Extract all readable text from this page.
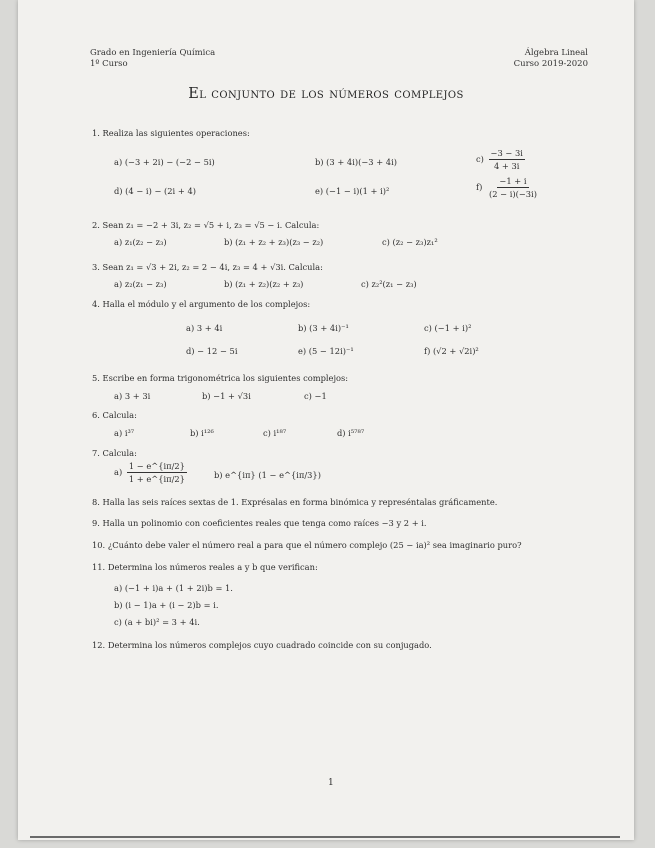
Grado en Ingeniería Química
1º Curso
Álgebra Lineal
Curso 2019-2020
El conjunto de los números complejos
1. Realiza las siguientes operaciones:
a) (−3 + 2i) − (−2 − 5i)	b) (3 + 4i)(−3 + 4i)	$c) \frac{-3 - 3i}{4 + 3i}$
d) (4 − i) − (2i + 4)	e) (−1 − i)(1 + i)²	$f) \frac{-1 + i}{(2 - i)(-3i)}$
2. Sean z₁ = −2 + 3i, z₂ = √5 + i, z₃ = √5 − i. Calcula:
a) z₁(z₂ − z₃)	b) (z₁ + z₂ + z₃)(z₃ − z₂)	c) (z₂ − z₃)z₁²
3. Sean z₁ = √3 + 2i, z₂ = 2 − 4i, z₃ = 4 + √3i. Calcula:
a) z₂(z₁ − z₃)	b) (z₁ + z₂)(z₂ + z₃)	c) z₂²(z₁ − z₃)
4. Halla el módulo y el argumento de los complejos:
a) 3 + 4i	b) (3 + 4i)⁻¹	c) (−1 + i)²
d) − 12 − 5i	e) (5 − 12i)⁻¹	f) (√2 + √2i)²
5. Escribe en forma trigonométrica los siguientes complejos:
a) 3 + 3i	b) −1 + √3i	c) −1
6. Calcula:
a) i³⁷	b) i¹²⁶	c) i¹⁸⁷	d) i⁵⁷⁸⁷
7. Calcula:
$a) \frac{1 - e\^{}\{i\pi/2\}}{1 + e\^{}\{i\pi/2\}}$	b) e^{iπ} (1 − e^{iπ/3})
8. Halla las seis raíces sextas de 1. Exprésalas en forma binómica y represéntalas gráficamente.
9. Halla un polinomio con coeficientes reales que tenga como raíces −3 y 2 + i.
10. ¿Cuánto debe valer el número real a para que el número complejo (25 − ia)² sea imaginario puro?
11. Determina los números reales a y b que verifican:
a) (−1 + i)a + (1 + 2i)b = 1.
b) (i − 1)a + (i − 2)b = i.
c) (a + bi)² = 3 + 4i.
12. Determina los números complejos cuyo cuadrado coincide con su conjugado.
1
